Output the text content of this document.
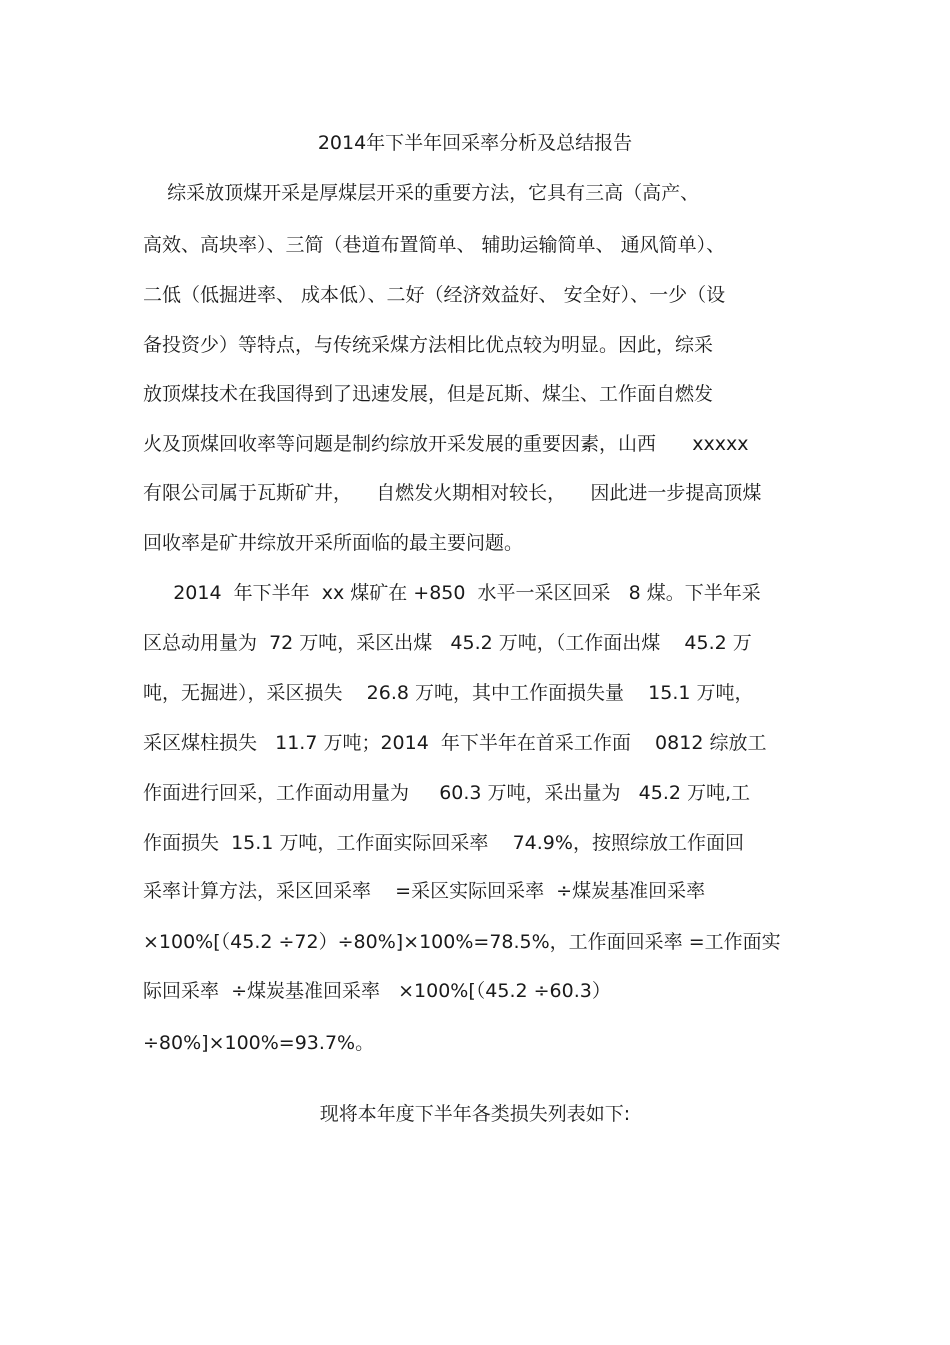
2014年下半年回采率分析及总结报告
综采放顶煤开采是厚煤层开采的重要方法，它具有三高（高产、
高效、高块率）、三简（巷道布置简单、 辅助运输简单、 通风简单）、
二低（低掘进率、 成本低）、二好（经济效益好、 安全好）、一少（设
备投资少）等特点，与传统采煤方法相比优点较为明显。因此，综采
放顶煤技术在我国得到了迅速发展，但是瓦斯、煤尘、工作面自燃发
火及顶煤回收率等问题是制约综放开采发展的重要因素，山西      xxxxx
有限公司属于瓦斯矿井，    自燃发火期相对较长，    因此进一步提高顶煤
回收率是矿井综放开采所面临的最主要问题。
2014  年下半年  xx 煤矿在 +850  水平一采区回采   8 煤。下半年采
区总动用量为  72 万吨，采区出煤   45.2 万吨，（工作面出煤    45.2 万
吨，无掘进），采区损失    26.8 万吨，其中工作面损失量    15.1 万吨，
采区煤柱损失   11.7 万吨；2014  年下半年在首采工作面    0812 综放工
作面进行回采，工作面动用量为     60.3 万吨，采出量为   45.2 万吨,工
作面损失  15.1 万吨，工作面实际回采率    74.9%，按照综放工作面回
采率计算方法，采区回采率    =采区实际回采率  ÷煤炭基准回采率
×100%[（45.2 ÷72）÷80%]×100%=78.5%，工作面回采率 =工作面实
际回采率  ÷煤炭基准回采率   ×100%[（45.2 ÷60.3）
÷80%]×100%=93.7%。
现将本年度下半年各类损失列表如下:
